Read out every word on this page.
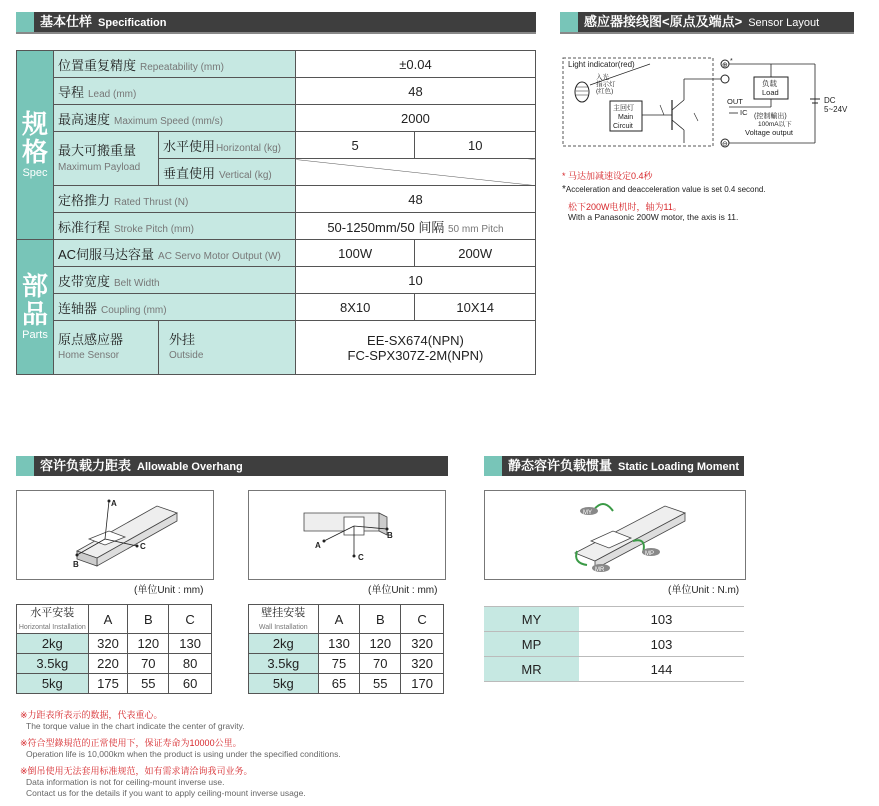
基本仕样 Specification
规
格
Spec	位置重复精度 Repeatability (mm)		±0.04	
	导程 Lead (mm)		48	
	最高速度 Maximum Speed (mm/s)		2000	
	最大可搬重量
Maximum Payload	水平使用Horizontal (kg)	5	10
		垂直使用 Vertical (kg)		
	定格推力 Rated Thrust (N)		48	
	标准行程 Stroke Pitch (mm)		50-1250mm/50 间隔 50 mm Pitch	
部
品
Parts	AC伺服马达容量 AC Servo Motor Output (W)		100W	200W
	皮带宽度 Belt Width		10	
	连轴器 Coupling (mm)		8X10	10X14
	原点感应器
Home Sensor	外挂
Outside	EE-SX674(NPN)
FC-SPX307Z-2M(NPN)	
感应器接线图<原点及端点> Sensor Layout
Light indicator(red)
入光
指示灯
(红色)
主回灯
Main
Circuit
⊕
*
⊖
DC
5~24V
负载
Load
OUT
IC (控制輸出)
100mA以下
Voltage output
* 马达加减速设定0.4秒
*Acceleration and deacceleration value is set 0.4 second.
松下200W电机时，轴为11。
With a Panasonic 200W motor, the axis is 11.
容许负载力距表 Allowable Overhang	静态容许负载惯量 Static Loading Moment
A
C
B
(单位Unit : mm)
A
C
B
(单位Unit : mm)
MY
MP
MR
(单位Unit : N.m)
水平安装
Horizontal Installation	A	B	C
2kg	320	120	130
3.5kg	220	70	80
5kg	175	55	60
壁挂安装
Wall Installation	A	B	C
2kg	130	120	320
3.5kg	75	70	320
5kg	65	55	170
MY	103
MP	103
MR	144
※力距表所表示的数据，代表重心。
The torque value in the chart indicate the center of gravity.
※符合型錄規范的正常使用下，保证寿命为10000公里。
Operation life is 10,000km when the product is using under the specified conditions.
※倒吊使用无法套用标准规范，如有需求请洽询我司业务。
Data information is not for ceiling-mount inverse use.
Contact us for the details if you want to apply ceiling-mount inverse usage.
